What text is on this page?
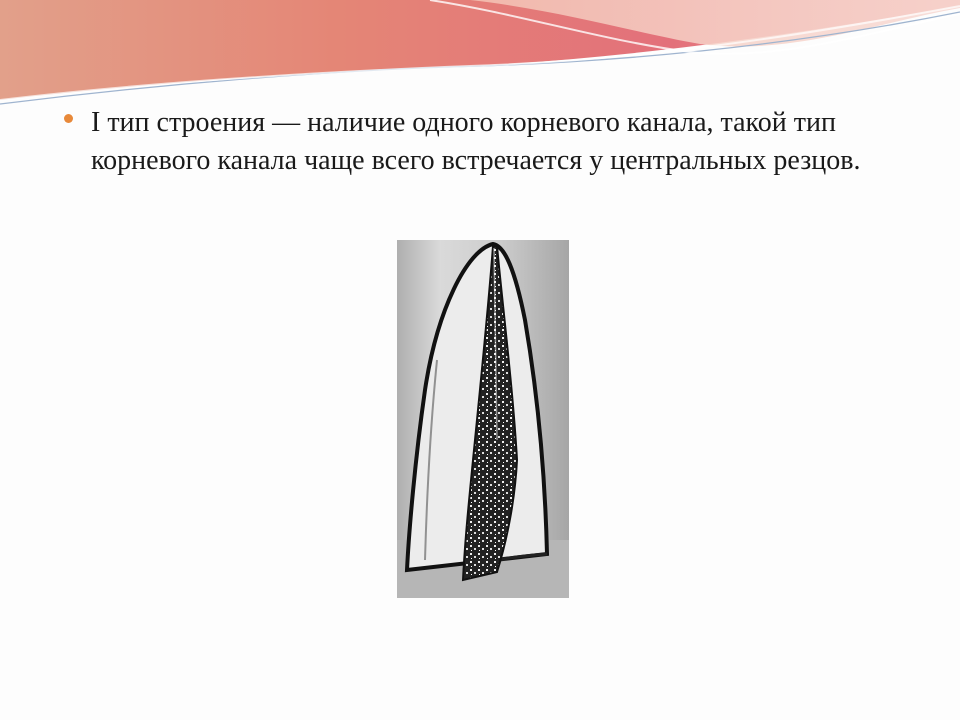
I тип строения — наличие одного корневого канала, такой тип корневого канала чаще всего встречается у центральных резцов.
